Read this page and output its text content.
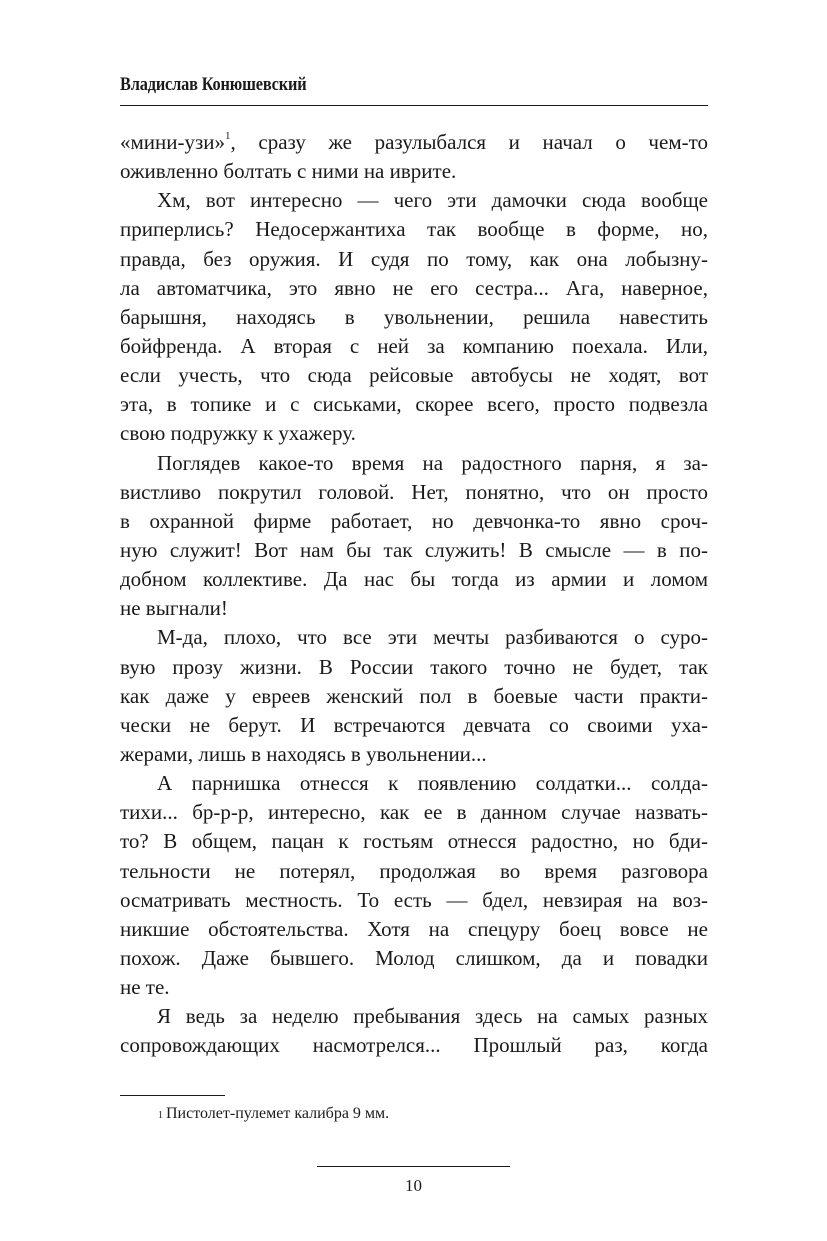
Владислав Конюшевский
«мини-узи»$^1$, сразу же разулыбался и начал о чем-то
оживленно болтать с ними на иврите.
Хм, вот интересно — чего эти дамочки сюда вообще
приперлись? Недосержантиха так вообще в форме, но,
правда, без оружия. И судя по тому, как она лобызну-
ла автоматчика, это явно не его сестра... Ага, наверное,
барышня, находясь в увольнении, решила навестить
бойфренда. А вторая с ней за компанию поехала. Или,
если учесть, что сюда рейсовые автобусы не ходят, вот
эта, в топике и с сиськами, скорее всего, просто подвезла
свою подружку к ухажеру.
Поглядев какое-то время на радостного парня, я за-
вистливо покрутил головой. Нет, понятно, что он просто
в охранной фирме работает, но девчонка-то явно сроч-
ную служит! Вот нам бы так служить! В смысле — в по-
добном коллективе. Да нас бы тогда из армии и ломом
не выгнали!
М-да, плохо, что все эти мечты разбиваются о суро-
вую прозу жизни. В России такого точно не будет, так
как даже у евреев женский пол в боевые части практи-
чески не берут. И встречаются девчата со своими уха-
жерами, лишь в находясь в увольнении...
А парнишка отнесся к появлению солдатки... солда-
тихи... бр-р-р, интересно, как ее в данном случае назвать-
то? В общем, пацан к гостьям отнесся радостно, но бди-
тельности не потерял, продолжая во время разговора
осматривать местность. То есть — бдел, невзирая на воз-
никшие обстоятельства. Хотя на спецуру боец вовсе не
похож. Даже бывшего. Молод слишком, да и повадки
не те.
Я ведь за неделю пребывания здесь на самых разных
сопровождающих насмотрелся... Прошлый раз, когда
$^1$ Пистолет-пулемет калибра 9 мм.
10
